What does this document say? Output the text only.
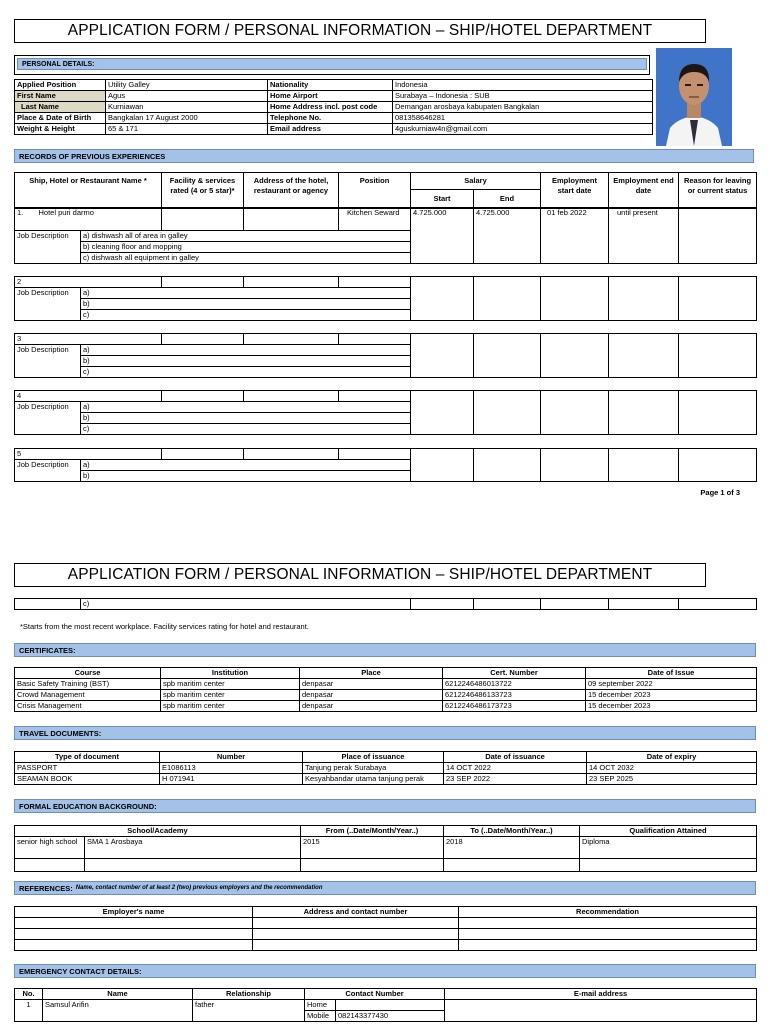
APPLICATION FORM / PERSONAL INFORMATION – SHIP/HOTEL DEPARTMENT
PERSONAL DETAILS:
Applied Position	Utility Galley	Nationality	Indonesia
First Name	Agus	Home Airport	Surabaya – Indonesia : SUB
Last Name	Kurniawan	Home Address incl. post code	Demangan arosbaya kabupaten Bangkalan
Place & Date of Birth	Bangkalan 17 August 2000	Telephone No.	081358646281
Weight & Height	65 & 171	Email address	4guskurniaw4n@gmail.com
RECORDS OF PREVIOUS EXPERIENCES
Ship, Hotel or Restaurant Name *	Facility & services rated (4 or 5 star)*	Address of the hotel, restaurant or agency	Position	Salary		Employment start date	Employment end date	Reason for leaving or current status
				Start	End			
1.	Hotel puri darmo				Kitchen Seward	4.725.000	4.725.000	01 feb 2022	until present	
Job Description		a) dishwash all of area in galley								
		b) cleaning floor and mopping								
		c) dishwash all equipment in galley								
2									
Job Description	a)								
	b)								
	c)								
3									
Job Description	a)								
	b)								
	c)								
4									
Job Description	a)								
	b)								
	c)								
5									
Job Description	a)								
	b)								
Page 1 of 3
APPLICATION FORM / PERSONAL INFORMATION – SHIP/HOTEL DEPARTMENT
	c)					
*Starts from the most recent workplace. Facility services rating for hotel and restaurant.
CERTIFICATES:
Course	Institution	Place	Cert. Number	Date of Issue
Basic Safety Training (BST)	spb maritim center	denpasar	6212246486013722	09 september 2022
Crowd Management	spb maritim center	denpasar	6212246486133723	15 december 2023
Crisis Management	spb maritim center	denpasar	6212246486173723	15 december 2023
TRAVEL DOCUMENTS:
Type of document	Number	Place of issuance	Date of issuance	Date of expiry
PASSPORT	E1086113	Tanjung perak Surabaya	14 OCT 2022	14 OCT 2032
SEAMAN BOOK	H 071941	Kesyahbandar utama tanjung perak	23 SEP 2022	23 SEP 2025
FORMAL EDUCATION BACKGROUND:
School/Academy		From (..Date/Month/Year..)	To (..Date/Month/Year..)	Qualification Attained
senior high school	SMA 1 Arosbaya	2015	2018	Diploma

REFERENCES: Name, contact number of at least 2 (two) previous employers and the recommendation
Employer's name	Address and contact number	Recommendation

EMERGENCY CONTACT DETAILS:
No.	Name	Relationship	Contact Number		E-mail address
1	Samsul Arifin	father	Home		
			Mobile	082143377430	
